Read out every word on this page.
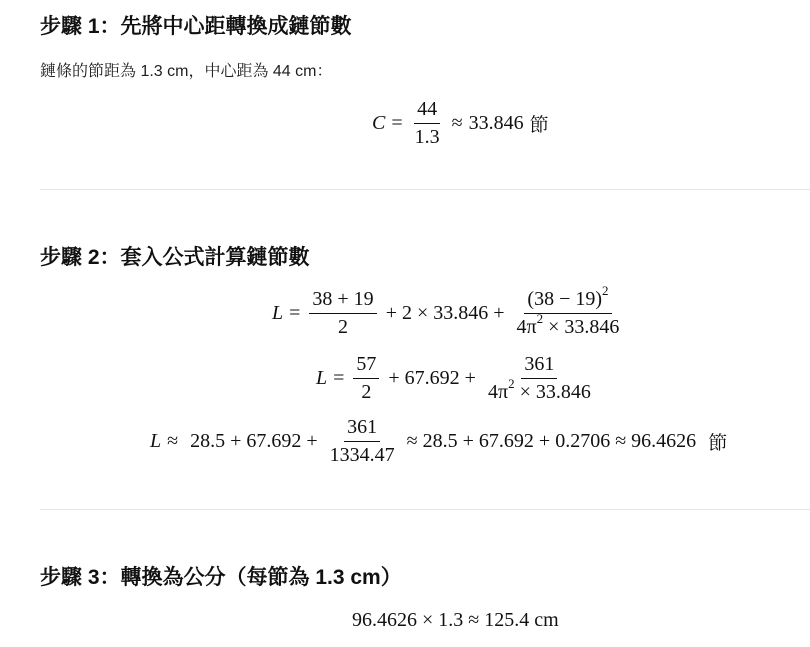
步驟 1：先將中心距轉換成鏈節數

鏈條的節距為 1.3 cm，中心距為 44 cm：

$C = \frac{44}{1.3} \approx 33.846$ 節
步驟 2：套入公式計算鏈節數
$L = \frac{38 + 19}{2} + 2 \times 33.846 + \frac{(38 - 19)^2}{4\pi^2 \times 33.846}$
$L = \frac{57}{2} + 67.692 + \frac{361}{4\pi^2 \times 33.846}$
$L \approx 28.5 + 67.692 + \frac{361}{1334.47} \approx 28.5 + 67.692 + 0.2706 \approx 96.4626$ 節
步驟 3：轉換為公分（每節為 1.3 cm）
96.4626 × 1.3 ≈ 125.4 cm
